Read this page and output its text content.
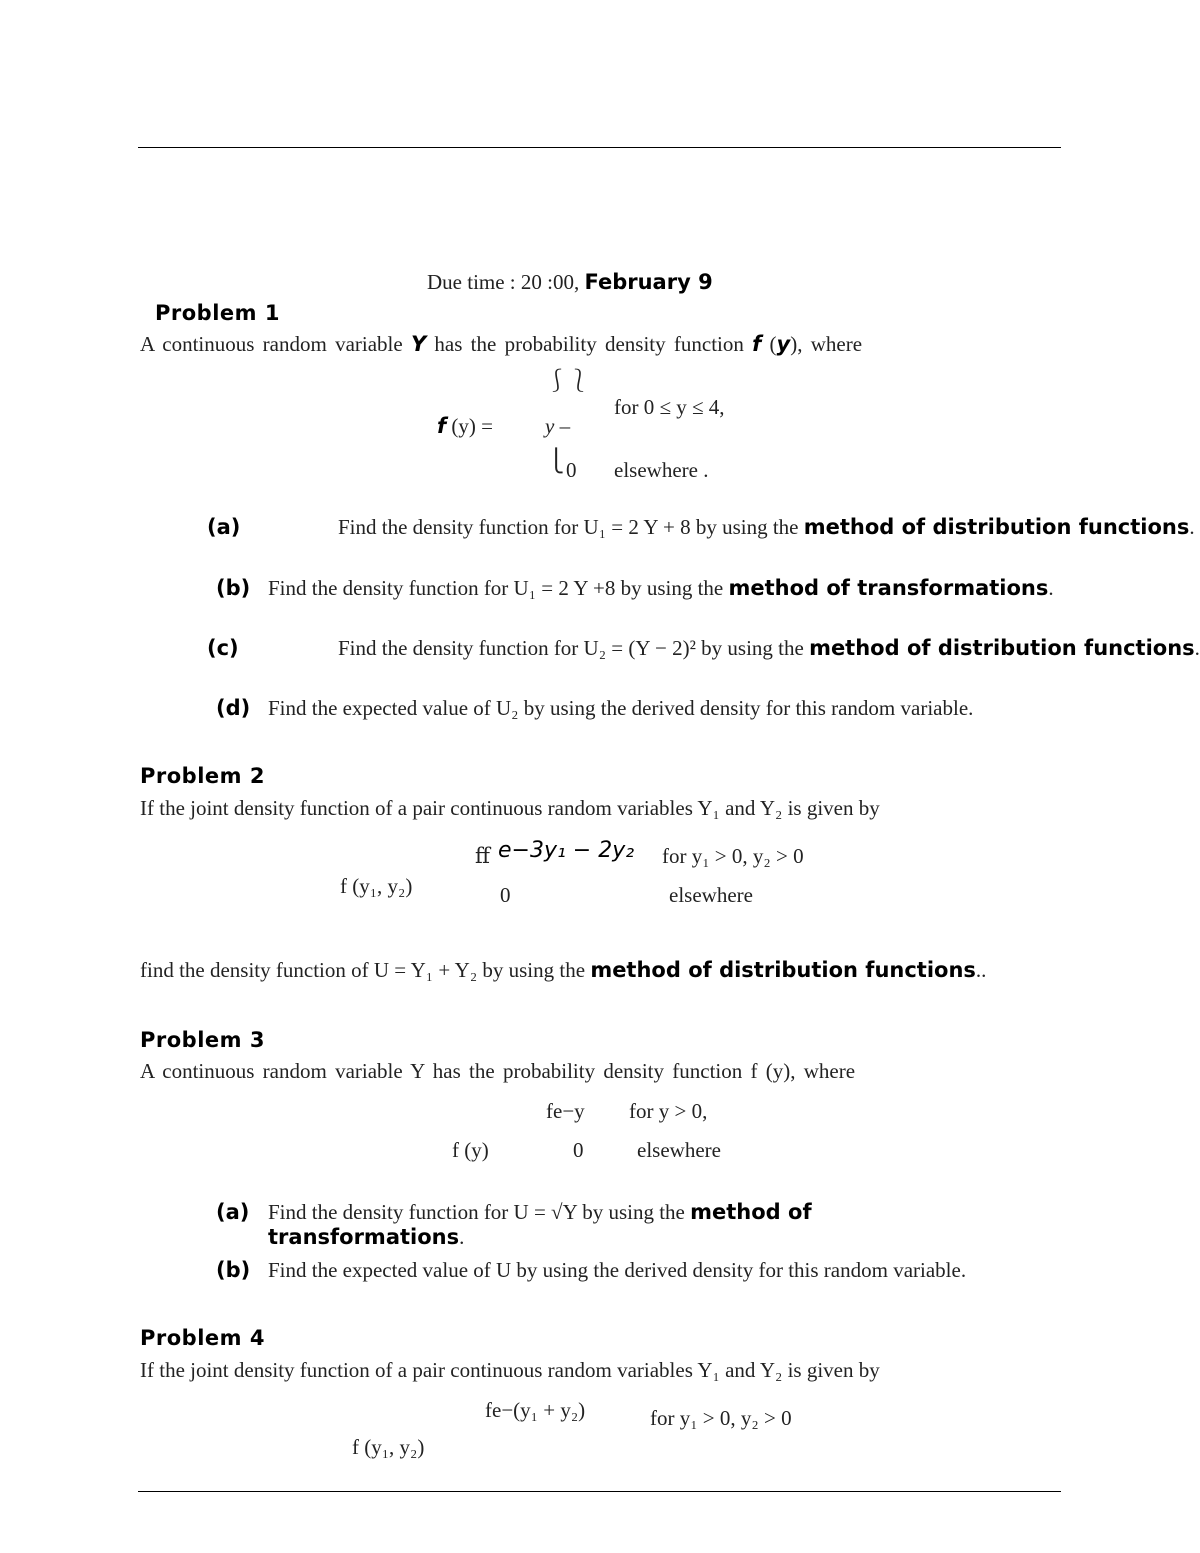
Due time : 20 :00, February 9
Problem 1
A continuous random variable Y has the probability density function f (y), where
⎰⎱
for 0 ≤ y ≤ 4,
f (y) = y –
⎩ 0 elsewhere .
(a)	Find the density function for U₁ = 2 Y + 8 by using the method of distribution functions.
(b) Find the density function for U₁ = 2 Y +8 by using the method of transformations.
(c)	Find the density function for U₂ = (Y − 2)² by using the method of distribution functions.
(d) Find the expected value of U₂ by using the derived density for this random variable.
Problem 2
If the joint density function of a pair continuous random variables Y₁ and Y₂ is given by
ﬀ e−3y₁ − 2y₂ for y₁ > 0, y₂ > 0
f (y₁, y₂)	0	elsewhere
find the density function of U = Y₁ + Y₂ by using the method of distribution functions..
Problem 3
A continuous random variable Y has the probability density function f (y), where
fe−y for y > 0,
f (y)	0	elsewhere
(a) Find the density function for U = √Y by using the method of transformations.
(b) Find the expected value of U by using the derived density for this random variable.
Problem 4
If the joint density function of a pair continuous random variables Y₁ and Y₂ is given by
fe−(y₁ + y₂)	for y₁ > 0, y₂ > 0
f (y₁, y₂)
